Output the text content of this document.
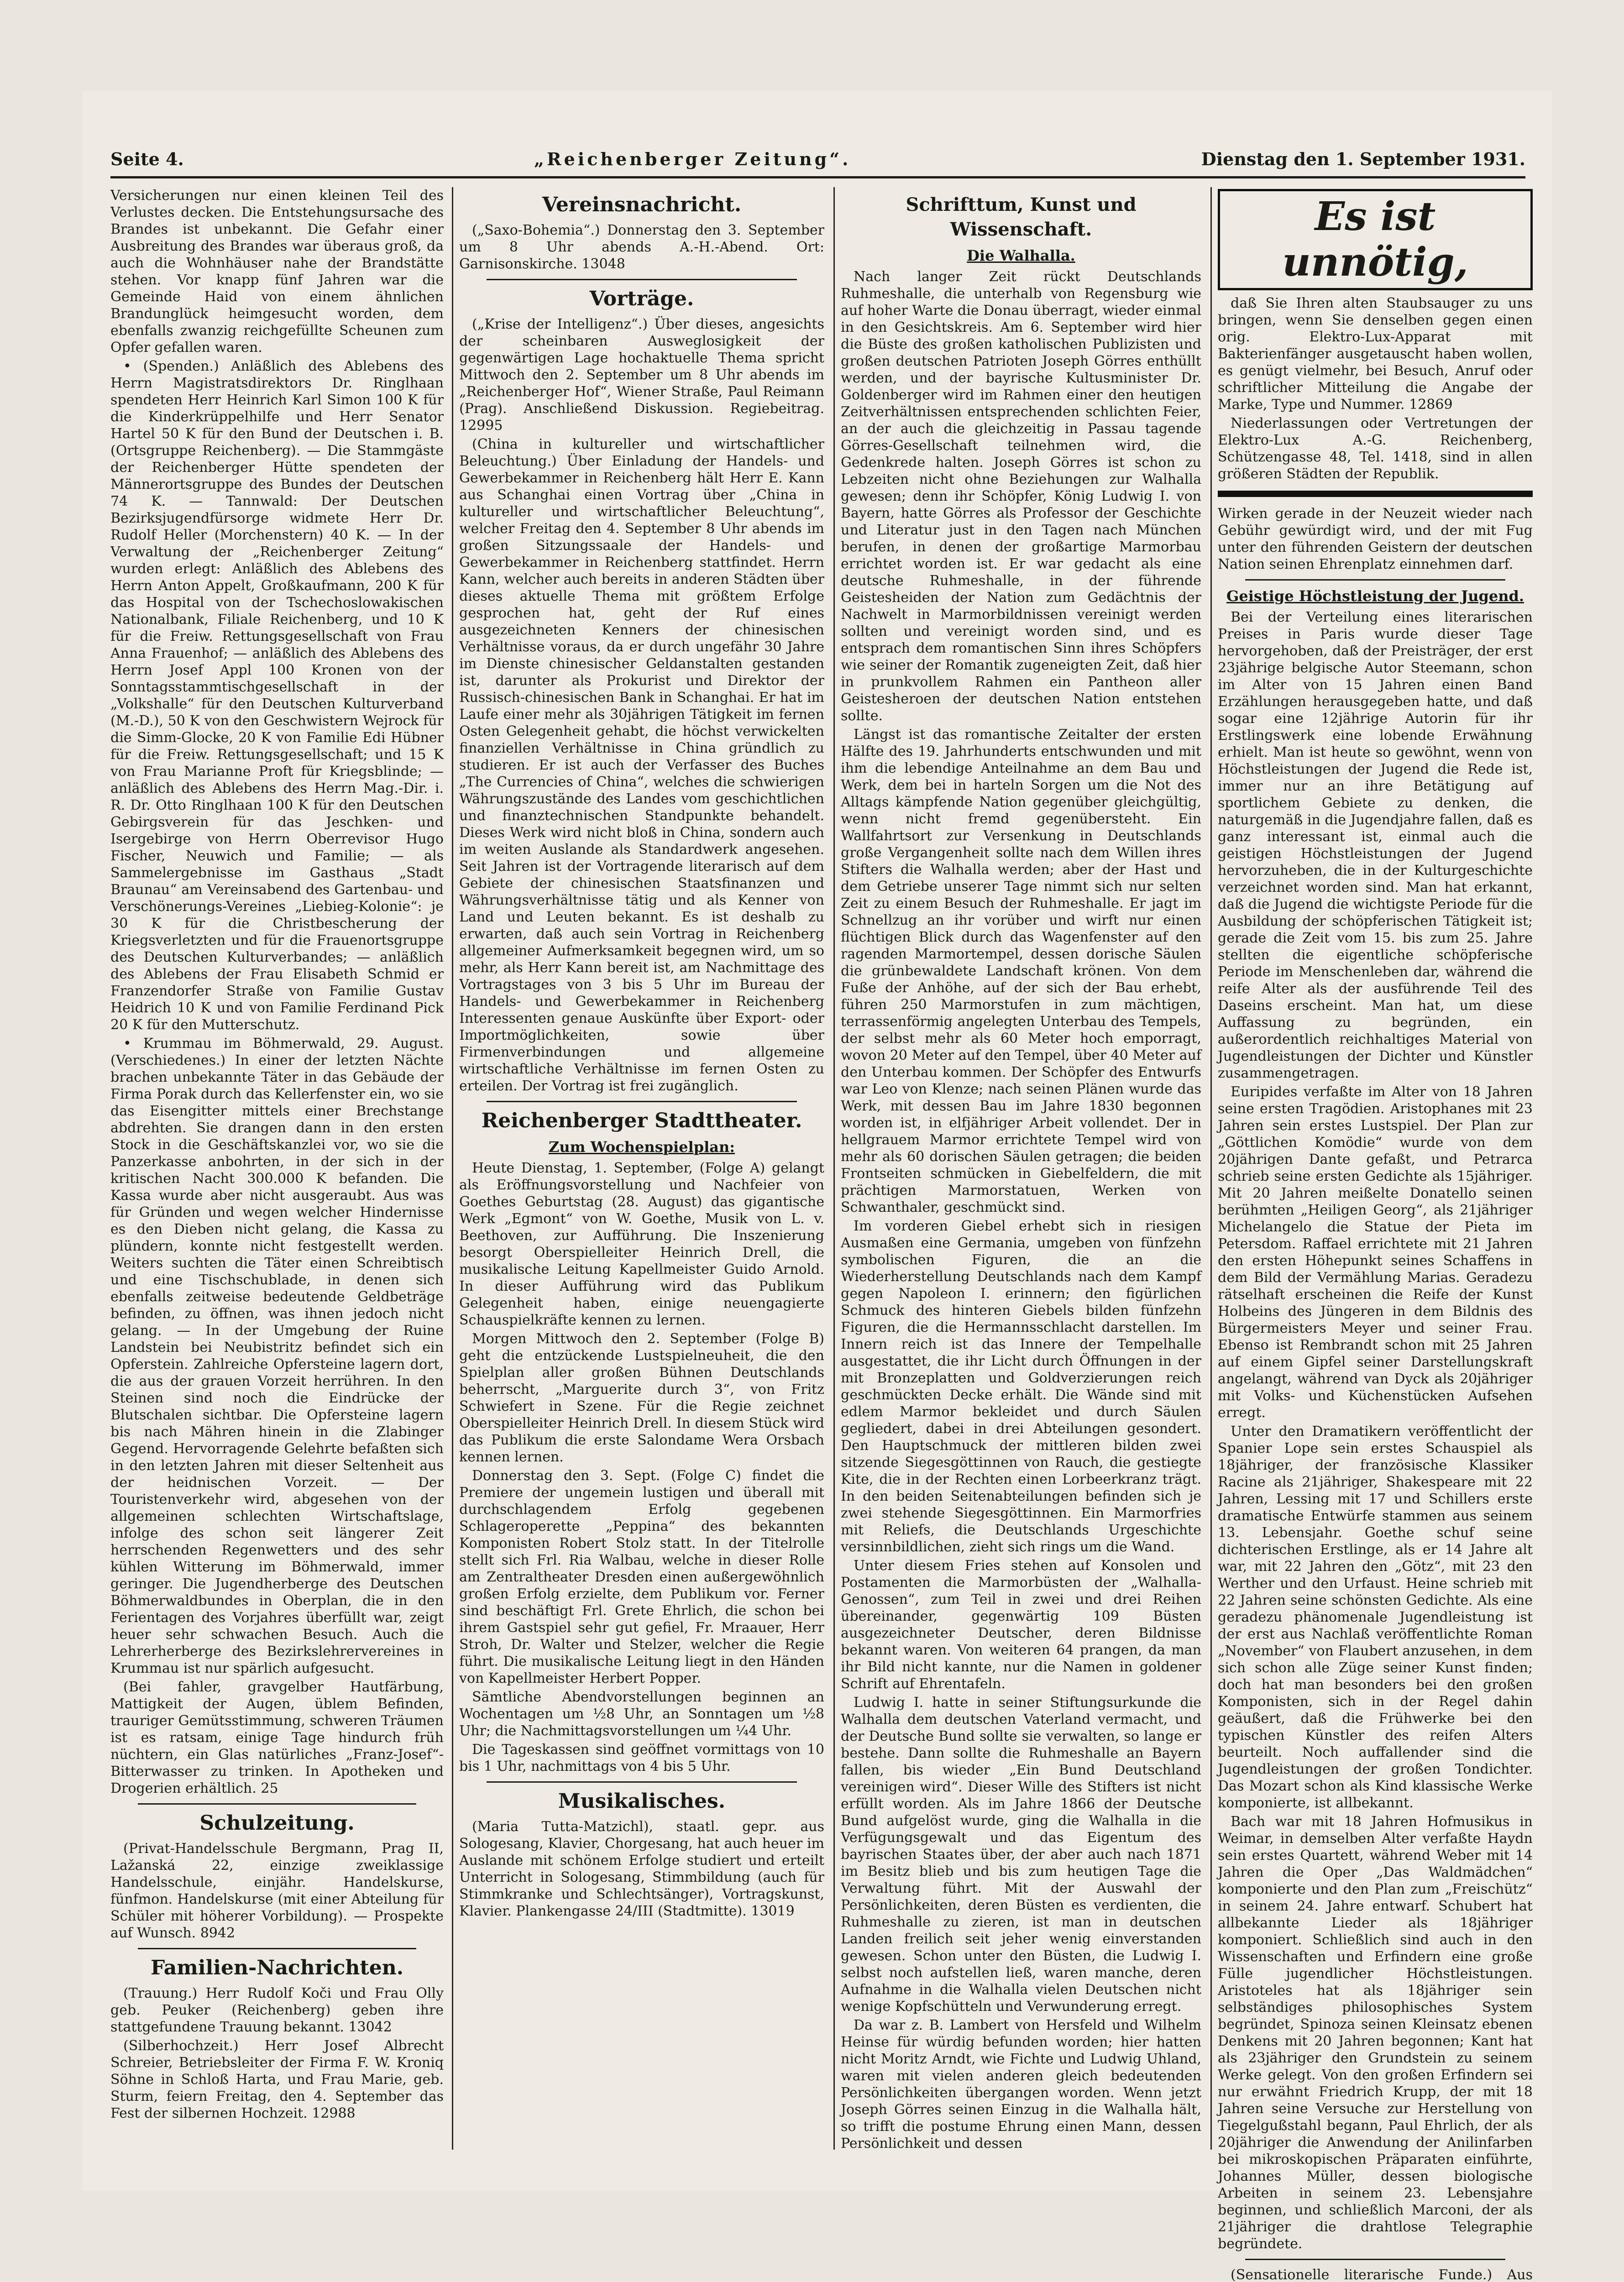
Seite 4.	„Reichenberger Zeitung“.	Dienstag den 1. September 1931.

Versicherungen nur einen kleinen Teil des Verlustes decken. Die Entstehungsursache des Brandes ist unbekannt. Die Gefahr einer Ausbreitung des Brandes war überaus groß, da auch die Wohnhäuser nahe der Brandstätte stehen. Vor knapp fünf Jahren war die Gemeinde Haid von einem ähnlichen Brandunglück heimgesucht worden, dem ebenfalls zwanzig reichgefüllte Scheunen zum Opfer gefallen waren.

• (Spenden.) Anläßlich des Ablebens des Herrn Magistratsdirektors Dr. Ringlhaan spendeten Herr Heinrich Karl Simon 100 K für die Kinderkrüppelhilfe und Herr Senator Hartel 50 K für den Bund der Deutschen i. B. (Ortsgruppe Reichenberg). — Die Stammgäste der Reichenberger Hütte spendeten der Männerortsgruppe des Bundes der Deutschen 74 K. — Tannwald: Der Deutschen Bezirksjugendfürsorge widmete Herr Dr. Rudolf Heller (Morchenstern) 40 K. — In der Verwaltung der „Reichenberger Zeitung“ wurden erlegt: Anläßlich des Ablebens des Herrn Anton Appelt, Großkaufmann, 200 K für das Hospital von der Tschechoslowakischen Nationalbank, Filiale Reichenberg, und 10 K für die Freiw. Rettungsgesellschaft von Frau Anna Frauenhof; — anläßlich des Ablebens des Herrn Josef Appl 100 Kronen von der Sonntagsstammtischgesellschaft in der „Volkshalle“ für den Deutschen Kulturverband (M.-D.), 50 K von den Geschwistern Wejrock für die Simm-Glocke, 20 K von Familie Edi Hübner für die Freiw. Rettungsgesellschaft; und 15 K von Frau Marianne Proft für Kriegsblinde; — anläßlich des Ablebens des Herrn Mag.-Dir. i. R. Dr. Otto Ringlhaan 100 K für den Deutschen Gebirgsverein für das Jeschken- und Isergebirge von Herrn Oberrevisor Hugo Fischer, Neuwich und Familie; — als Sammelergebnisse im Gasthaus „Stadt Braunau“ am Vereinsabend des Gartenbau- und Verschönerungs-Vereines „Liebieg-Kolonie“: je 30 K für die Christbescherung der Kriegsverletzten und für die Frauenortsgruppe des Deutschen Kulturverbandes; — anläßlich des Ablebens der Frau Elisabeth Schmid er Franzendorfer Straße von Familie Gustav Heidrich 10 K und von Familie Ferdinand Pick 20 K für den Mutterschutz.

• Krummau im Böhmerwald, 29. August. (Verschiedenes.) In einer der letzten Nächte brachen unbekannte Täter in das Gebäude der Firma Porak durch das Kellerfenster ein, wo sie das Eisengitter mittels einer Brechstange abdrehten. Sie drangen dann in den ersten Stock in die Geschäftskanzlei vor, wo sie die Panzerkasse anbohrten, in der sich in der kritischen Nacht 300.000 K befanden. Die Kassa wurde aber nicht ausgeraubt. Aus was für Gründen und wegen welcher Hindernisse es den Dieben nicht gelang, die Kassa zu plündern, konnte nicht festgestellt werden. Weiters suchten die Täter einen Schreibtisch und eine Tischschublade, in denen sich ebenfalls zeitweise bedeutende Geldbeträge befinden, zu öffnen, was ihnen jedoch nicht gelang. — In der Umgebung der Ruine Landstein bei Neubistritz befindet sich ein Opferstein. Zahlreiche Opfersteine lagern dort, die aus der grauen Vorzeit herrühren. In den Steinen sind noch die Eindrücke der Blutschalen sichtbar. Die Opfersteine lagern bis nach Mähren hinein in die Zlabinger Gegend. Hervorragende Gelehrte befaßten sich in den letzten Jahren mit dieser Seltenheit aus der heidnischen Vorzeit. — Der Touristenverkehr wird, abgesehen von der allgemeinen schlechten Wirtschaftslage, infolge des schon seit längerer Zeit herrschenden Regenwetters und des sehr kühlen Witterung im Böhmerwald, immer geringer. Die Jugendherberge des Deutschen Böhmerwaldbundes in Oberplan, die in den Ferientagen des Vorjahres überfüllt war, zeigt heuer sehr schwachen Besuch. Auch die Lehrerherberge des Bezirkslehrervereines in Krummau ist nur spärlich aufgesucht.

(Bei fahler, gravgelber Hautfärbung, Mattigkeit der Augen, üblem Befinden, trauriger Gemütsstimmung, schweren Träumen ist es ratsam, einige Tage hindurch früh nüchtern, ein Glas natürliches „Franz-Josef“-Bitterwasser zu trinken. In Apotheken und Drogerien erhältlich. 25

Schulzeitung.

(Privat-Handelsschule Bergmann, Prag II, Lažanská 22, einzige zweiklassige Handelsschule, einjähr. Handelskurse, fünfmon. Handelskurse (mit einer Abteilung für Schüler mit höherer Vorbildung). — Prospekte auf Wunsch. 8942

Familien-Nachrichten.

(Trauung.) Herr Rudolf Koči und Frau Olly geb. Peuker (Reichenberg) geben ihre stattgefundene Trauung bekannt. 13042

(Silberhochzeit.) Herr Josef Albrecht Schreier, Betriebsleiter der Firma F. W. Kroniq Söhne in Schloß Harta, und Frau Marie, geb. Sturm, feiern Freitag, den 4. September das Fest der silbernen Hochzeit. 12988

Vereinsnachricht.

(„Saxo-Bohemia“.) Donnerstag den 3. September um 8 Uhr abends A.-H.-Abend. Ort: Garnisonskirche. 13048

Vorträge.

(„Krise der Intelligenz“.) Über dieses, angesichts der scheinbaren Ausweglosigkeit der gegenwärtigen Lage hochaktuelle Thema spricht Mittwoch den 2. September um 8 Uhr abends im „Reichenberger Hof“, Wiener Straße, Paul Reimann (Prag). Anschließend Diskussion. Regiebeitrag. 12995

(China in kultureller und wirtschaftlicher Beleuchtung.) Über Einladung der Handels- und Gewerbekammer in Reichenberg hält Herr E. Kann aus Schanghai einen Vortrag über „China in kultureller und wirtschaftlicher Beleuchtung“, welcher Freitag den 4. September 8 Uhr abends im großen Sitzungssaale der Handels- und Gewerbekammer in Reichenberg stattfindet. Herrn Kann, welcher auch bereits in anderen Städten über dieses aktuelle Thema mit größtem Erfolge gesprochen hat, geht der Ruf eines ausgezeichneten Kenners der chinesischen Verhältnisse voraus, da er durch ungefähr 30 Jahre im Dienste chinesischer Geldanstalten gestanden ist, darunter als Prokurist und Direktor der Russisch-chinesischen Bank in Schanghai. Er hat im Laufe einer mehr als 30jährigen Tätigkeit im fernen Osten Gelegenheit gehabt, die höchst verwickelten finanziellen Verhältnisse in China gründlich zu studieren. Er ist auch der Verfasser des Buches „The Currencies of China“, welches die schwierigen Währungszustände des Landes vom geschichtlichen und finanztechnischen Standpunkte behandelt. Dieses Werk wird nicht bloß in China, sondern auch im weiten Auslande als Standardwerk angesehen. Seit Jahren ist der Vortragende literarisch auf dem Gebiete der chinesischen Staatsfinanzen und Währungsverhältnisse tätig und als Kenner von Land und Leuten bekannt. Es ist deshalb zu erwarten, daß auch sein Vortrag in Reichenberg allgemeiner Aufmerksamkeit begegnen wird, um so mehr, als Herr Kann bereit ist, am Nachmittage des Vortragstages von 3 bis 5 Uhr im Bureau der Handels- und Gewerbekammer in Reichenberg Interessenten genaue Auskünfte über Export- oder Importmöglichkeiten, sowie über Firmenverbindungen und allgemeine wirtschaftliche Verhältnisse im fernen Osten zu erteilen. Der Vortrag ist frei zugänglich.

Reichenberger Stadttheater.
Zum Wochenspielplan:

Heute Dienstag, 1. September, (Folge A) gelangt als Eröffnungsvorstellung und Nachfeier von Goethes Geburtstag (28. August) das gigantische Werk „Egmont“ von W. Goethe, Musik von L. v. Beethoven, zur Aufführung. Die Inszenierung besorgt Oberspielleiter Heinrich Drell, die musikalische Leitung Kapellmeister Guido Arnold. In dieser Aufführung wird das Publikum Gelegenheit haben, einige neuengagierte Schauspielkräfte kennen zu lernen.

Morgen Mittwoch den 2. September (Folge B) geht die entzückende Lustspielneuheit, die den Spielplan aller großen Bühnen Deutschlands beherrscht, „Marguerite durch 3“, von Fritz Schwiefert in Szene. Für die Regie zeichnet Oberspielleiter Heinrich Drell. In diesem Stück wird das Publikum die erste Salondame Wera Orsbach kennen lernen.

Donnerstag den 3. Sept. (Folge C) findet die Premiere der ungemein lustigen und überall mit durchschlagendem Erfolg gegebenen Schlageroperette „Peppina“ des bekannten Komponisten Robert Stolz statt. In der Titelrolle stellt sich Frl. Ria Walbau, welche in dieser Rolle am Zentraltheater Dresden einen außergewöhnlich großen Erfolg erzielte, dem Publikum vor. Ferner sind beschäftigt Frl. Grete Ehrlich, die schon bei ihrem Gastspiel sehr gut gefiel, Fr. Mraauer, Herr Stroh, Dr. Walter und Stelzer, welcher die Regie führt. Die musikalische Leitung liegt in den Händen von Kapellmeister Herbert Popper.

Sämtliche Abendvorstellungen beginnen an Wochentagen um ½8 Uhr, an Sonntagen um ½8 Uhr; die Nachmittagsvorstellungen um ¼4 Uhr.

Die Tageskassen sind geöffnet vormittags von 10 bis 1 Uhr, nachmittags von 4 bis 5 Uhr.

Musikalisches.

(Maria Tutta-Matzichl), staatl. gepr. aus Sologesang, Klavier, Chorgesang, hat auch heuer im Auslande mit schönem Erfolge studiert und erteilt Unterricht in Sologesang, Stimmbildung (auch für Stimmkranke und Schlechtsänger), Vortragskunst, Klavier. Plankengasse 24/III (Stadtmitte). 13019

Schrifttum, Kunst und Wissenschaft.
Die Walhalla.

Nach langer Zeit rückt Deutschlands Ruhmeshalle, die unterhalb von Regensburg wie auf hoher Warte die Donau überragt, wieder einmal in den Gesichtskreis. Am 6. September wird hier die Büste des großen katholischen Publizisten und großen deutschen Patrioten Joseph Görres enthüllt werden, und der bayrische Kultusminister Dr. Goldenberger wird im Rahmen einer den heutigen Zeitverhältnissen entsprechenden schlichten Feier, an der auch die gleichzeitig in Passau tagende Görres-Gesellschaft teilnehmen wird, die Gedenkrede halten. Joseph Görres ist schon zu Lebzeiten nicht ohne Beziehungen zur Walhalla gewesen; denn ihr Schöpfer, König Ludwig I. von Bayern, hatte Görres als Professor der Geschichte und Literatur just in den Tagen nach München berufen, in denen der großartige Marmorbau errichtet worden ist. Er war gedacht als eine deutsche Ruhmeshalle, in der führende Geistesheiden der Nation zum Gedächtnis der Nachwelt in Marmorbildnissen vereinigt werden sollten und vereinigt worden sind, und es entsprach dem romantischen Sinn ihres Schöpfers wie seiner der Romantik zugeneigten Zeit, daß hier in prunkvollem Rahmen ein Pantheon aller Geistesheroen der deutschen Nation entstehen sollte.

Längst ist das romantische Zeitalter der ersten Hälfte des 19. Jahrhunderts entschwunden und mit ihm die lebendige Anteilnahme an dem Bau und Werk, dem bei in harteln Sorgen um die Not des Alltags kämpfende Nation gegenüber gleichgültig, wenn nicht fremd gegenübersteht. Ein Wallfahrtsort zur Versenkung in Deutschlands große Vergangenheit sollte nach dem Willen ihres Stifters die Walhalla werden; aber der Hast und dem Getriebe unserer Tage nimmt sich nur selten Zeit zu einem Besuch der Ruhmeshalle. Er jagt im Schnellzug an ihr vorüber und wirft nur einen flüchtigen Blick durch das Wagenfenster auf den ragenden Marmortempel, dessen dorische Säulen die grünbewaldete Landschaft krönen. Von dem Fuße der Anhöhe, auf der sich der Bau erhebt, führen 250 Marmorstufen in zum mächtigen, terrassenförmig angelegten Unterbau des Tempels, der selbst mehr als 60 Meter hoch emporragt, wovon 20 Meter auf den Tempel, über 40 Meter auf den Unterbau kommen. Der Schöpfer des Entwurfs war Leo von Klenze; nach seinen Plänen wurde das Werk, mit dessen Bau im Jahre 1830 begonnen worden ist, in elfjähriger Arbeit vollendet. Der in hellgrauem Marmor errichtete Tempel wird von mehr als 60 dorischen Säulen getragen; die beiden Frontseiten schmücken in Giebelfeldern, die mit prächtigen Marmorstatuen, Werken von Schwanthaler, geschmückt sind.

Im vorderen Giebel erhebt sich in riesigen Ausmaßen eine Germania, umgeben von fünfzehn symbolischen Figuren, die an die Wiederherstellung Deutschlands nach dem Kampf gegen Napoleon I. erinnern; den figürlichen Schmuck des hinteren Giebels bilden fünfzehn Figuren, die die Hermannsschlacht darstellen. Im Innern reich ist das Innere der Tempelhalle ausgestattet, die ihr Licht durch Öffnungen in der mit Bronzeplatten und Goldverzierungen reich geschmückten Decke erhält. Die Wände sind mit edlem Marmor bekleidet und durch Säulen gegliedert, dabei in drei Abteilungen gesondert. Den Hauptschmuck der mittleren bilden zwei sitzende Siegesgöttinnen von Rauch, die gestiegte Kite, die in der Rechten einen Lorbeerkranz trägt. In den beiden Seitenabteilungen befinden sich je zwei stehende Siegesgöttinnen. Ein Marmorfries mit Reliefs, die Deutschlands Urgeschichte versinnbildlichen, zieht sich rings um die Wand.

Unter diesem Fries stehen auf Konsolen und Postamenten die Marmorbüsten der „Walhalla-Genossen“, zum Teil in zwei und drei Reihen übereinander, gegenwärtig 109 Büsten ausgezeichneter Deutscher, deren Bildnisse bekannt waren. Von weiteren 64 prangen, da man ihr Bild nicht kannte, nur die Namen in goldener Schrift auf Ehrentafeln.

Ludwig I. hatte in seiner Stiftungsurkunde die Walhalla dem deutschen Vaterland vermacht, und der Deutsche Bund sollte sie verwalten, so lange er bestehe. Dann sollte die Ruhmeshalle an Bayern fallen, bis wieder „Ein Bund Deutschland vereinigen wird“. Dieser Wille des Stifters ist nicht erfüllt worden. Als im Jahre 1866 der Deutsche Bund aufgelöst wurde, ging die Walhalla in die Verfügungsgewalt und das Eigentum des bayrischen Staates über, der aber auch nach 1871 im Besitz blieb und bis zum heutigen Tage die Verwaltung führt. Mit der Auswahl der Persönlichkeiten, deren Büsten es verdienten, die Ruhmeshalle zu zieren, ist man in deutschen Landen freilich seit jeher wenig einverstanden gewesen. Schon unter den Büsten, die Ludwig I. selbst noch aufstellen ließ, waren manche, deren Aufnahme in die Walhalla vielen Deutschen nicht wenige Kopfschütteln und Verwunderung erregt.

Da war z. B. Lambert von Hersfeld und Wilhelm Heinse für würdig befunden worden; hier hatten nicht Moritz Arndt, wie Fichte und Ludwig Uhland, waren mit vielen anderen gleich bedeutenden Persönlichkeiten übergangen worden. Wenn jetzt Joseph Görres seinen Einzug in die Walhalla hält, so trifft die postume Ehrung einen Mann, dessen Persönlichkeit und dessen

Es ist unnötig,

daß Sie Ihren alten Staubsauger zu uns bringen, wenn Sie denselben gegen einen orig. Elektro-Lux-Apparat mit Bakterienfänger ausgetauscht haben wollen, es genügt vielmehr, bei Besuch, Anruf oder schriftlicher Mitteilung die Angabe der Marke, Type und Nummer. 12869

Niederlassungen oder Vertretungen der Elektro-Lux A.-G. Reichenberg, Schützengasse 48, Tel. 1418, sind in allen größeren Städten der Republik.

Wirken gerade in der Neuzeit wieder nach Gebühr gewürdigt wird, und der mit Fug unter den führenden Geistern der deutschen Nation seinen Ehrenplatz einnehmen darf.

Geistige Höchstleistung der Jugend.

Bei der Verteilung eines literarischen Preises in Paris wurde dieser Tage hervorgehoben, daß der Preisträger, der erst 23jährige belgische Autor Steemann, schon im Alter von 15 Jahren einen Band Erzählungen herausgegeben hatte, und daß sogar eine 12jährige Autorin für ihr Erstlingswerk eine lobende Erwähnung erhielt. Man ist heute so gewöhnt, wenn von Höchstleistungen der Jugend die Rede ist, immer nur an ihre Betätigung auf sportlichem Gebiete zu denken, die naturgemäß in die Jugendjahre fallen, daß es ganz interessant ist, einmal auch die geistigen Höchstleistungen der Jugend hervorzuheben, die in der Kulturgeschichte verzeichnet worden sind. Man hat erkannt, daß die Jugend die wichtigste Periode für die Ausbildung der schöpferischen Tätigkeit ist; gerade die Zeit vom 15. bis zum 25. Jahre stellten die eigentliche schöpferische Periode im Menschenleben dar, während die reife Alter als der ausführende Teil des Daseins erscheint. Man hat, um diese Auffassung zu begründen, ein außerordentlich reichhaltiges Material von Jugendleistungen der Dichter und Künstler zusammengetragen.

Euripides verfaßte im Alter von 18 Jahren seine ersten Tragödien. Aristophanes mit 23 Jahren sein erstes Lustspiel. Der Plan zur „Göttlichen Komödie“ wurde von dem 20jährigen Dante gefaßt, und Petrarca schrieb seine ersten Gedichte als 15jähriger. Mit 20 Jahren meißelte Donatello seinen berühmten „Heiligen Georg“, als 21jähriger Michelangelo die Statue der Pieta im Petersdom. Raffael errichtete mit 21 Jahren den ersten Höhepunkt seines Schaffens in dem Bild der Vermählung Marias. Geradezu rätselhaft erscheinen die Reife der Kunst Holbeins des Jüngeren in dem Bildnis des Bürgermeisters Meyer und seiner Frau. Ebenso ist Rembrandt schon mit 25 Jahren auf einem Gipfel seiner Darstellungskraft angelangt, während van Dyck als 20jähriger mit Volks- und Küchenstücken Aufsehen erregt.

Unter den Dramatikern veröffentlicht der Spanier Lope sein erstes Schauspiel als 18jähriger, der französische Klassiker Racine als 21jähriger, Shakespeare mit 22 Jahren, Lessing mit 17 und Schillers erste dramatische Entwürfe stammen aus seinem 13. Lebensjahr. Goethe schuf seine dichterischen Erstlinge, als er 14 Jahre alt war, mit 22 Jahren den „Götz“, mit 23 den Werther und den Urfaust. Heine schrieb mit 22 Jahren seine schönsten Gedichte. Als eine geradezu phänomenale Jugendleistung ist der erst aus Nachlaß veröffentlichte Roman „November“ von Flaubert anzusehen, in dem sich schon alle Züge seiner Kunst finden; doch hat man besonders bei den großen Komponisten, sich in der Regel dahin geäußert, daß die Frühwerke bei den typischen Künstler des reifen Alters beurteilt. Noch auffallender sind die Jugendleistungen der großen Tondichter. Das Mozart schon als Kind klassische Werke komponierte, ist allbekannt.

Bach war mit 18 Jahren Hofmusikus in Weimar, in demselben Alter verfaßte Haydn sein erstes Quartett, während Weber mit 14 Jahren die Oper „Das Waldmädchen“ komponierte und den Plan zum „Freischütz“ in seinem 24. Jahre entwarf. Schubert hat allbekannte Lieder als 18jähriger komponiert. Schließlich sind auch in den Wissenschaften und Erfindern eine große Fülle jugendlicher Höchstleistungen. Aristoteles hat als 18jähriger sein selbständiges philosophisches System begründet, Spinoza seinen Kleinsatz ebenen Denkens mit 20 Jahren begonnen; Kant hat als 23jähriger den Grundstein zu seinem Werke gelegt. Von den großen Erfindern sei nur erwähnt Friedrich Krupp, der mit 18 Jahren seine Versuche zur Herstellung von Tiegelgußstahl begann, Paul Ehrlich, der als 20jähriger die Anwendung der Anilinfarben bei mikroskopischen Präparaten einführte, Johannes Müller, dessen biologische Arbeiten in seinem 23. Lebensjahre beginnen, und schließlich Marconi, der als 21jähriger die drahtlose Telegraphie begründete.

(Sensationelle literarische Funde.) Aus
